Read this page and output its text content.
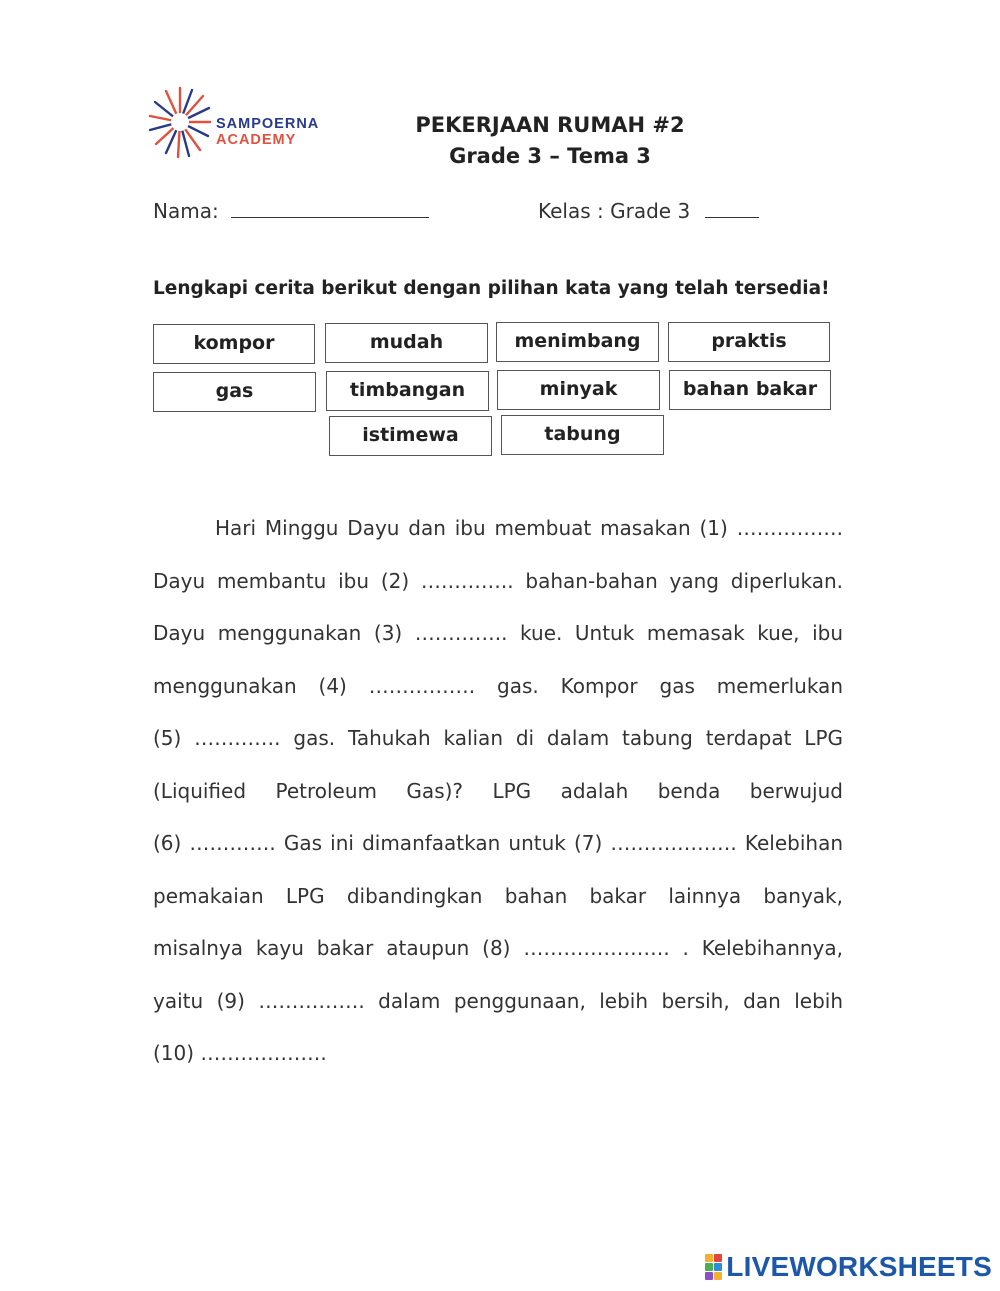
SAMPOERNA
ACADEMY
PEKERJAAN RUMAH #2
Grade 3 – Tema 3
Nama:	Kelas : Grade 3
Lengkapi cerita berikut dengan pilihan kata yang telah tersedia!
kompor	mudah	menimbang	praktis
gas	timbangan	minyak	bahan bakar
istimewa	tabung
Hari Minggu Dayu dan ibu membuat masakan (1) …………….
Dayu membantu ibu (2) ………….. bahan-bahan yang diperlukan.
Dayu menggunakan (3) ………….. kue. Untuk memasak kue, ibu
menggunakan (4) ……………. gas. Kompor gas memerlukan
(5) …………. gas. Tahukah kalian di dalam tabung terdapat LPG
(Liquified Petroleum Gas)? LPG adalah benda berwujud
(6) …………. Gas ini dimanfaatkan untuk (7) ………………. Kelebihan
pemakaian LPG dibandingkan bahan bakar lainnya banyak,
misalnya kayu bakar ataupun (8) …………………. . Kelebihannya,
yaitu (9) ……………. dalam penggunaan, lebih bersih, dan lebih
(10) ……………….
LIVEWORKSHEETS
